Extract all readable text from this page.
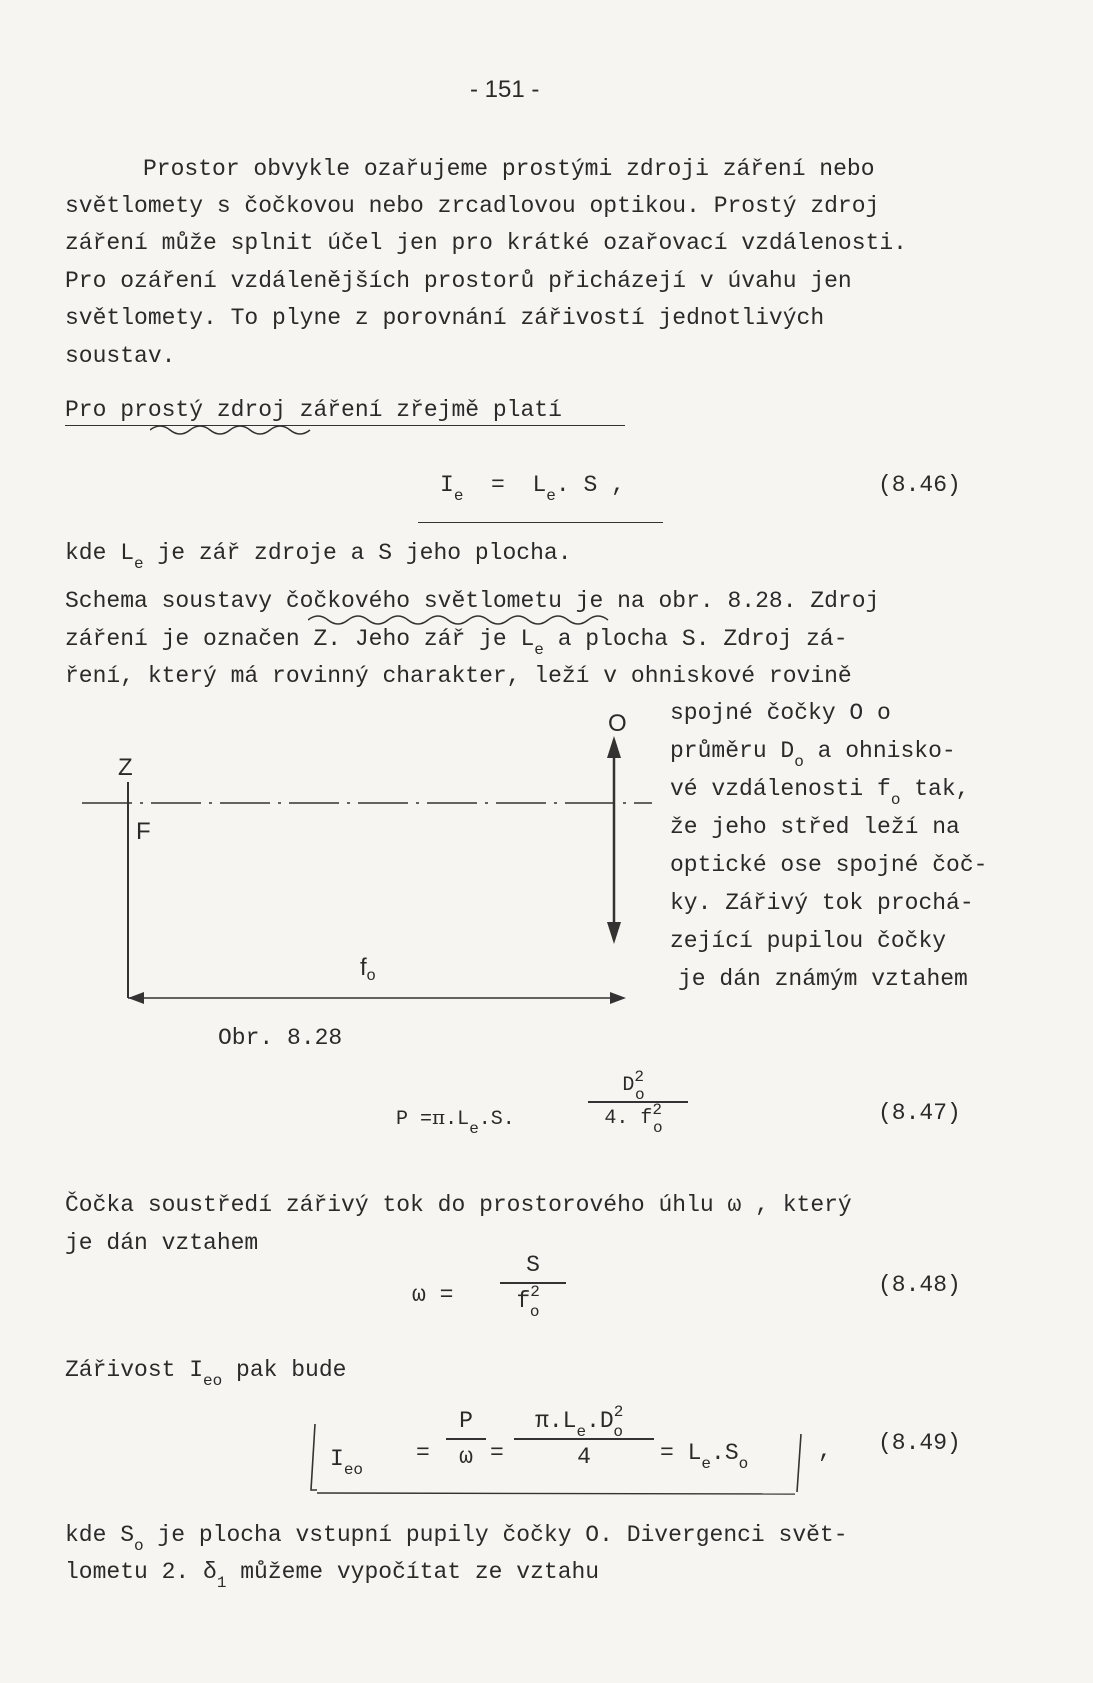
- 151 -
Prostor obvykle ozařujeme prostými zdroji záření nebo
světlomety s čočkovou nebo zrcadlovou optikou. Prostý zdroj
záření může splnit účel jen pro krátké ozařovací vzdálenosti.
Pro ozáření vzdálenějších prostorů přicházejí v úvahu jen
světlomety. To plyne z porovnání zářivostí jednotlivých
soustav.
Pro prostý zdroj záření zřejmě platí
$I_e = L_e$. S ,	(8.46)
kde $L_e$ je zář zdroje a S jeho plocha.
Schema soustavy čočkového světlometu je na obr. 8.28. Zdroj
záření je označen Z. Jeho zář je $L_e$ a plocha S. Zdroj zá-
ření, který má rovinný charakter, leží v ohniskové rovině
spojné čočky O o
průměru $D_o$ a ohnisko-
vé vzdálenosti $f_o$ tak,
že jeho střed leží na
optické ose spojné čoč-
ky. Zářivý tok prochá-
zející pupilou čočky
je dán známým vztahem
O
Z
F
$f_o$
Obr. 8.28
$P =\pi.L_e.S$.
$D^2_o$
4. $f^2_o$
(8.47)
Čočka soustředí zářivý tok do prostorového úhlu ω , který
je dán vztahem
ω =
S
$f^2_o$
(8.48)
Zářivost $I_{eo}$ pak bude
$I_{eo}$
=
P
ω =
$\pi.L_e.D^2_o$
4	= $L_e.S_o$	, (8.49)
kde $S_o$ je plocha vstupní pupily čočky O. Divergenci svět-
lometu 2. $\delta_1$ můžeme vypočítat ze vztahu
